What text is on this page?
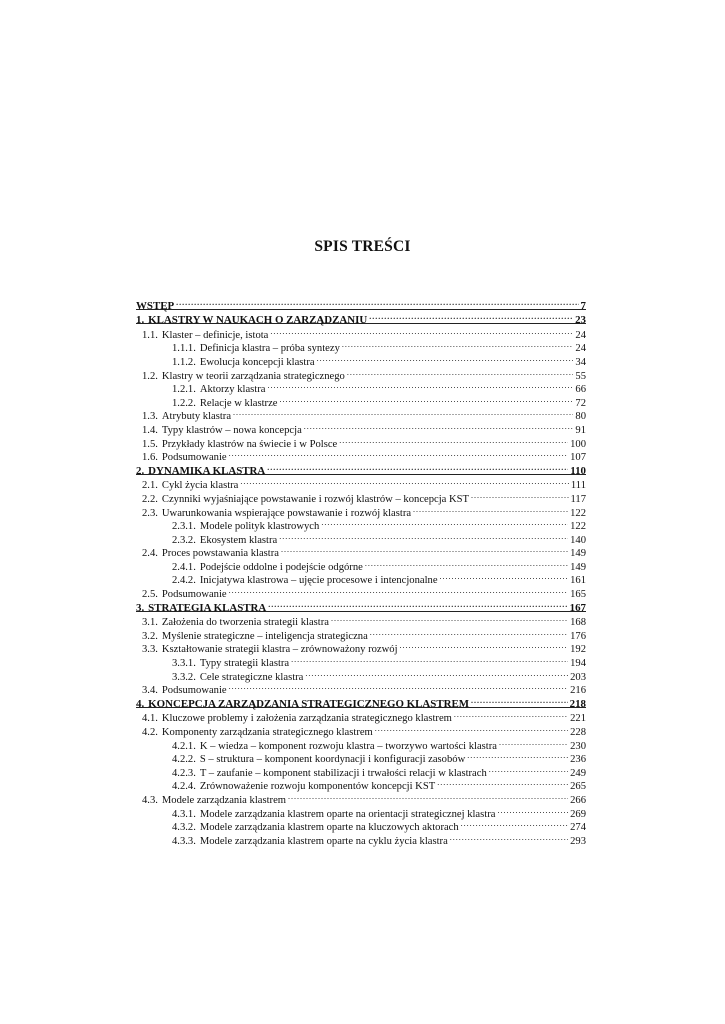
SPIS TREŚCI
WSTĘP .....	7
1. KLASTRY W NAUKACH O ZARZĄDZANIU .....	23
1.1. Klaster – definicje, istota .....	24
1.1.1. Definicja klastra – próba syntezy .....	24
1.1.2. Ewolucja koncepcji klastra .....	34
1.2. Klastry w teorii zarządzania strategicznego .....	55
1.2.1. Aktorzy klastra .....	66
1.2.2. Relacje w klastrze .....	72
1.3. Atrybuty klastra .....	80
1.4. Typy klastrów – nowa koncepcja .....	91
1.5. Przykłady klastrów na świecie i w Polsce .....	100
1.6. Podsumowanie .....	107
2. DYNAMIKA KLASTRA .....	110
2.1. Cykl życia klastra .....	111
2.2. Czynniki wyjaśniające powstawanie i rozwój klastrów – koncepcja KST .....	117
2.3. Uwarunkowania wspierające powstawanie i rozwój klastra .....	122
2.3.1. Modele polityk klastrowych .....	122
2.3.2. Ekosystem klastra .....	140
2.4. Proces powstawania klastra .....	149
2.4.1. Podejście oddolne i podejście odgórne .....	149
2.4.2. Inicjatywa klastrowa – ujęcie procesowe i intencjonalne .....	161
2.5. Podsumowanie .....	165
3. STRATEGIA KLASTRA .....	167
3.1. Założenia do tworzenia strategii klastra .....	168
3.2. Myślenie strategiczne – inteligencja strategiczna .....	176
3.3. Kształtowanie strategii klastra – zrównoważony rozwój .....	192
3.3.1. Typy strategii klastra .....	194
3.3.2. Cele strategiczne klastra .....	203
3.4. Podsumowanie .....	216
4. KONCEPCJA ZARZĄDZANIA STRATEGICZNEGO KLASTREM .....	218
4.1. Kluczowe problemy i założenia zarządzania strategicznego klastrem .....	221
4.2. Komponenty zarządzania strategicznego klastrem .....	228
4.2.1. K – wiedza – komponent rozwoju klastra – tworzywo wartości klastra .....	230
4.2.2. S – struktura – komponent koordynacji i konfiguracji zasobów .....	236
4.2.3. T – zaufanie – komponent stabilizacji i trwałości relacji w klastrach .....	249
4.2.4. Zrównoważenie rozwoju komponentów koncepcji KST .....	265
4.3. Modele zarządzania klastrem .....	266
4.3.1. Modele zarządzania klastrem oparte na orientacji strategicznej klastra .....	269
4.3.2. Modele zarządzania klastrem oparte na kluczowych aktorach .....	274
4.3.3. Modele zarządzania klastrem oparte na cyklu życia klastra .....	293
